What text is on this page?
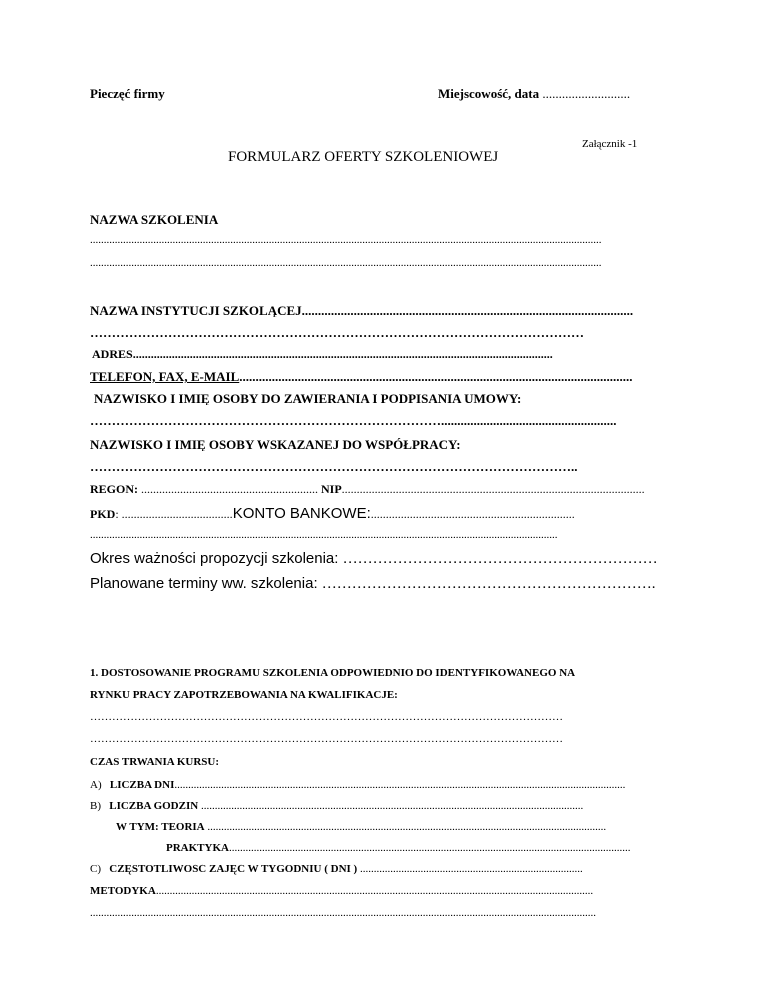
Pieczęć firmy	Miejscowość, data ...........................
Załącznik -1
FORMULARZ OFERTY SZKOLENIOWEJ
NAZWA SZKOLENIA
..........................................................................................................................................................................................
..........................................................................................................................................................................................
NAZWA INSTYTUCJI SZKOLĄCEJ......................................................................................................
……………………………………………………………………………………………………
ADRES............................................................................................................................................
TELEFON, FAX, E-MAIL.........................................................................................................................
NAZWISKO I IMIĘ OSOBY DO ZAWIERANIA I PODPISANIA UMOWY:
………………………………………………………………………......................................................
NAZWISKO I IMIĘ OSOBY WSKAZANEJ DO WSPÓŁPRACY:
…………………………………………………………………………………………………..
REGON: ........................................................... NIP.....................................................................................................
PKD: .....................................KONTO BANKOWE:....................................................................
..........................................................................................................................................................................
Okres ważności propozycji szkolenia: ………………………………………………………
Planowane terminy ww. szkolenia: ………………………………………………………….
1. DOSTOSOWANIE PROGRAMU SZKOLENIA ODPOWIEDNIO DO IDENTYFIKOWANEGO NA
RYNKU PRACY ZAPOTRZEBOWANIA NA KWALIFIKACJE:
…………………………………………………………………………………………………………………
…………………………………………………………………………………………………………………
CZAS TRWANIA KURSU:
A) LICZBA DNI....................................................................................................................................................................
B) LICZBA GODZIN ...........................................................................................................................................
W TYM: TEORIA .................................................................................................................................................
PRAKTYKA..................................................................................................................................................
C) CZĘSTOTLIWOŚĆ ZAJĘĆ W TYGODNIU ( DNI ) .................................................................................
METODYKA...............................................................................................................................................................
........................................................................................................................................................................................
